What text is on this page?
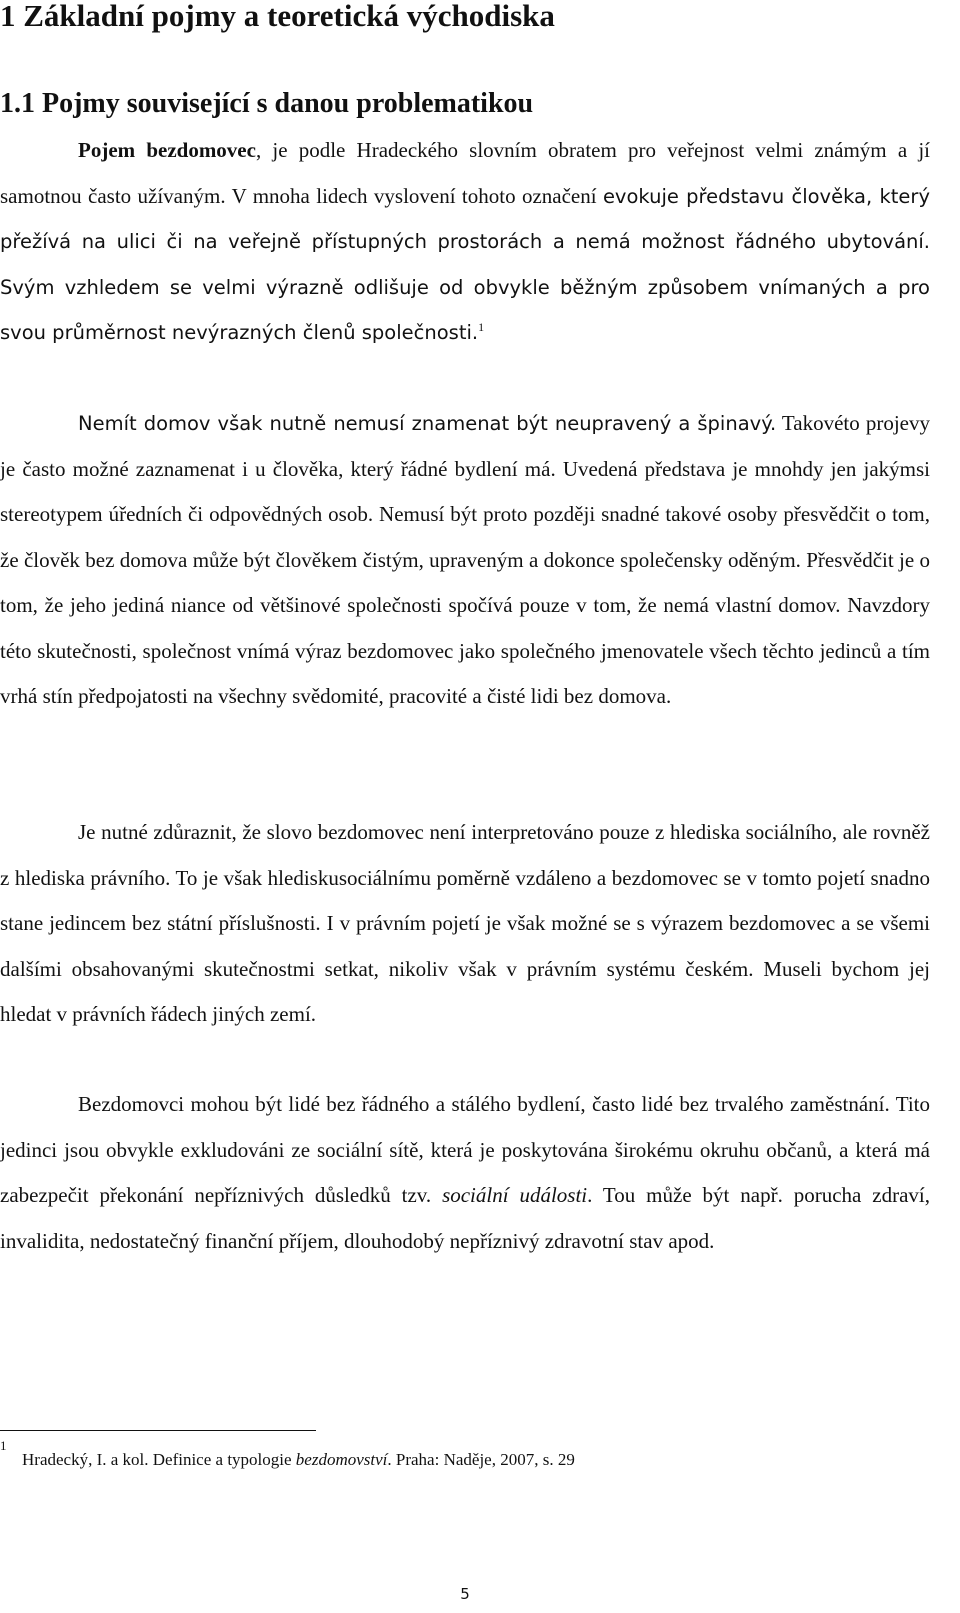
1 Základní pojmy a teoretická východiska
1.1 Pojmy související s danou problematikou

Pojem bezdomovec, je podle Hradeckého slovním obratem pro veřejnost velmi známým a jí samotnou často užívaným. V mnoha lidech vyslovení tohoto označení evokuje představu člověka, který přežívá na ulici či na veřejně přístupných prostorách a nemá možnost řádného ubytování. Svým vzhledem se velmi výrazně odlišuje od obvykle běžným způsobem vnímaných a pro svou průměrnost nevýrazných členů společnosti.$^1$

Nemít domov však nutně nemusí znamenat být neupravený a špinavý. Takovéto projevy je často možné zaznamenat i u člověka, který řádné bydlení má. Uvedená představa je mnohdy jen jakýmsi stereotypem úředních či odpovědných osob. Nemusí být proto později snadné takové osoby přesvědčit o tom, že člověk bez domova může být člověkem čistým, upraveným a dokonce společensky oděným. Přesvědčit je o tom, že jeho jediná niance od většinové společnosti spočívá pouze v tom, že nemá vlastní domov. Navzdory této skutečnosti, společnost vnímá výraz bezdomovec jako společného jmenovatele všech těchto jedinců a tím vrhá stín předpojatosti na všechny svědomité, pracovité a čisté lidi bez domova.

Je nutné zdůraznit, že slovo bezdomovec není interpretováno pouze z hlediska sociálního, ale rovněž z hlediska právního. To je však hlediskusociálnímu poměrně vzdáleno a bezdomovec se v tomto pojetí snadno stane jedincem bez státní příslušnosti. I v právním pojetí je však možné se s výrazem bezdomovec a se všemi dalšími obsahovanými skutečnostmi setkat, nikoliv však v právním systému českém. Museli bychom jej hledat v právních řádech jiných zemí.

Bezdomovci mohou být lidé bez řádného a stálého bydlení, často lidé bez trvalého zaměstnání. Tito jedinci jsou obvykle exkludováni ze sociální sítě, která je poskytována širokému okruhu občanů, a která má zabezpečit překonání nepříznivých důsledků tzv. sociální události. Tou může být např. porucha zdraví, invalidita, nedostatečný finanční příjem, dlouhodobý nepříznivý zdravotní stav apod.

1
Hradecký, I. a kol. Definice a typologie bezdomovství. Praha: Naděje, 2007, s. 29
5
